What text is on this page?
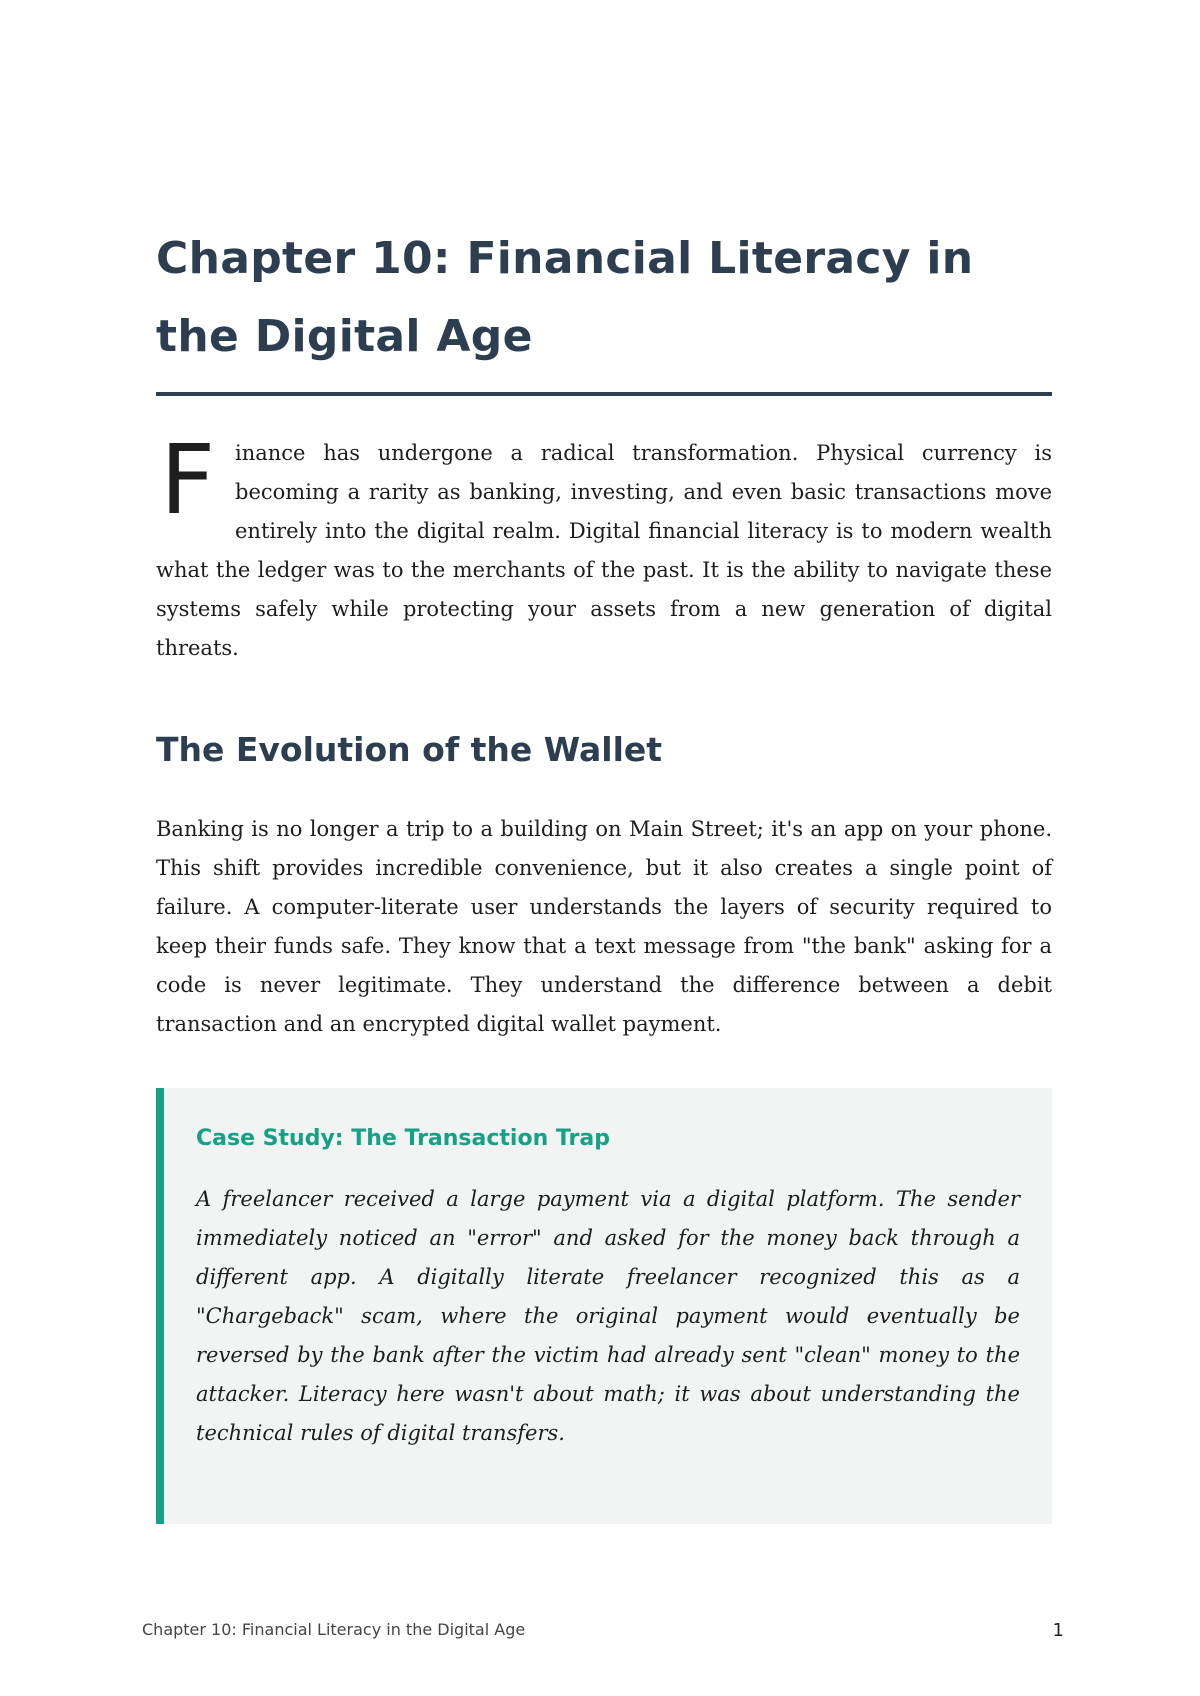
Chapter 10: Financial Literacy in the Digital Age
F inance has undergone a radical transformation. Physical currency is becoming a rarity as banking, investing, and even basic transactions move entirely into the digital realm. Digital financial literacy is to modern wealth what the ledger was to the merchants of the past. It is the ability to navigate these systems safely while protecting your assets from a new generation of digital threats.
The Evolution of the Wallet

Banking is no longer a trip to a building on Main Street; it's an app on your phone. This shift provides incredible convenience, but it also creates a single point of failure. A computer-literate user understands the layers of security required to keep their funds safe. They know that a text message from "the bank" asking for a code is never legitimate. They understand the difference between a debit transaction and an encrypted digital wallet payment.

Case Study: The Transaction Trap

A freelancer received a large payment via a digital platform. The sender immediately noticed an "error" and asked for the money back through a different app. A digitally literate freelancer recognized this as a "Chargeback" scam, where the original payment would eventually be reversed by the bank after the victim had already sent "clean" money to the attacker. Literacy here wasn't about math; it was about understanding the technical rules of digital transfers.

Chapter 10: Financial Literacy in the Digital Age	1
